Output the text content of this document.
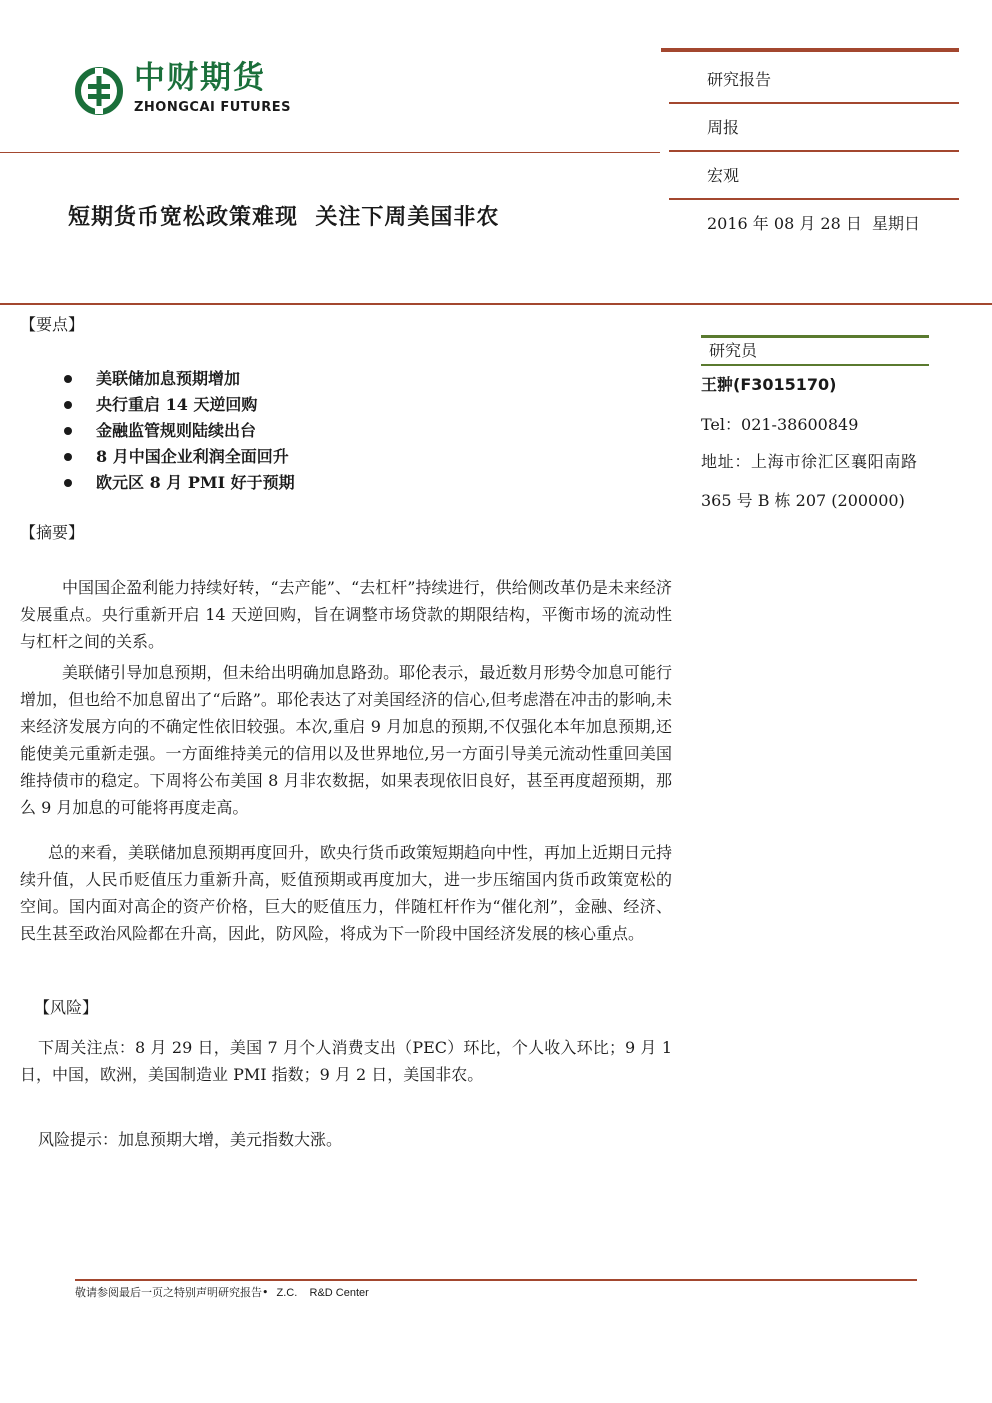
中财期货
ZHONGCAI FUTURES
研究报告
周报
宏观
2016 年 08 月 28 日  星期日
短期货币宽松政策难现  关注下周美国非农
【要点】
美联储加息预期增加
央行重启 14 天逆回购
金融监管规则陆续出台
8 月中国企业利润全面回升
欧元区 8 月 PMI 好于预期
【摘要】

中国国企盈利能力持续好转，“去产能”、“去杠杆”持续进行，供给侧改革仍是未来经济发展重点。央行重新开启 14 天逆回购，旨在调整市场贷款的期限结构，平衡市场的流动性与杠杆之间的关系。

美联储引导加息预期，但未给出明确加息路劲。耶伦表示，最近数月形势令加息可能行增加，但也给不加息留出了“后路”。耶伦表达了对美国经济的信心,但考虑潜在冲击的影响,未来经济发展方向的不确定性依旧较强。本次,重启 9 月加息的预期,不仅强化本年加息预期,还能使美元重新走强。一方面维持美元的信用以及世界地位,另一方面引导美元流动性重回美国维持债市的稳定。下周将公布美国 8 月非农数据，如果表现依旧良好，甚至再度超预期，那么 9 月加息的可能将再度走高。

总的来看，美联储加息预期再度回升，欧央行货币政策短期趋向中性，再加上近期日元持续升值，人民币贬值压力重新升高，贬值预期或再度加大，进一步压缩国内货币政策宽松的空间。国内面对高企的资产价格，巨大的贬值压力，伴随杠杆作为“催化剂”，金融、经济、民生甚至政治风险都在升高，因此，防风险，将成为下一阶段中国经济发展的核心重点。

【风险】

下周关注点：8 月 29 日，美国 7 月个人消费支出（PEC）环比，个人收入环比；9 月 1 日，中国，欧洲，美国制造业 PMI 指数；9 月 2 日，美国非农。

风险提示：加息预期大增，美元指数大涨。

研究员
王翀(F3015170)
Tel：021-38600849

地址：上海市徐汇区襄阳南路 365 号 B 栋 207 (200000)

敬请参阅最后一页之特别声明研究报告• Z.C.    R&D Center
